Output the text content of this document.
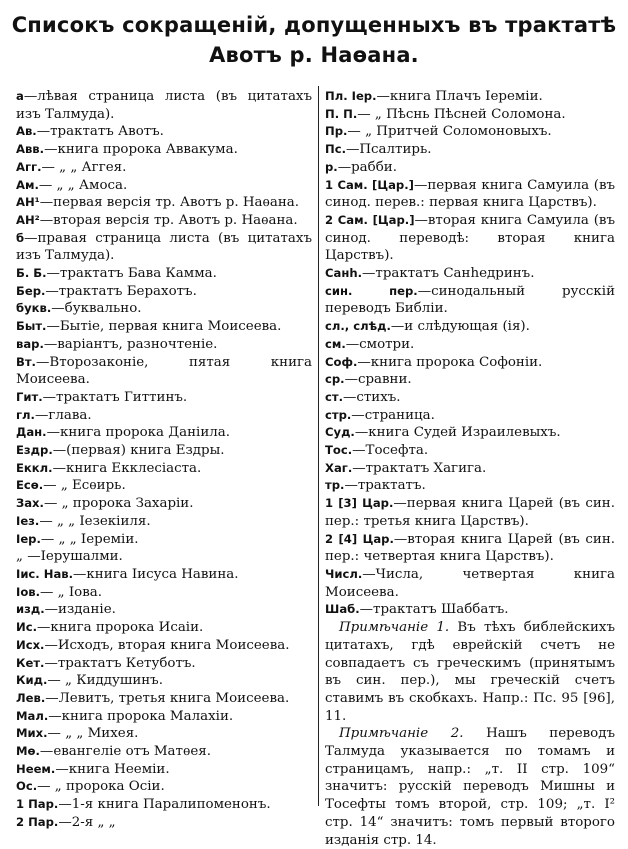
Списокъ сокращеній, допущенныхъ въ трактатѣ
Авотъ р. Наѳана.
а—лѣвая страница листа (въ цитатахъ изъ Талмуда).
Ав.—трактатъ Авотъ.
Авв.—книга пророка Аввакума.
Агг.— „ „ Аггея.
Ам.— „ „ Амоса.
АН¹—первая версія тр. Авотъ р. Наѳана.
АН²—вторая версія тр. Авотъ р. Наѳана.
б—правая страница листа (въ цитатахъ изъ Талмуда).
Б. Б.—трактатъ Бава Камма.
Бер.—трактатъ Берахотъ.
букв.—буквально.
Быт.—Бытіе, первая книга Моисеева.
вар.—варіантъ, разночтеніе.
Вт.—Второзаконіе, пятая книга Моисеева.
Гит.—трактатъ Гиттинъ.
гл.—глава.
Дан.—книга пророка Даніила.
Ездр.—(первая) книга Ездры.
Еккл.—книга Екклесіаста.
Есѳ.— „ Есѳирь.
Зах.— „ пророка Захаріи.
Iез.— „ „ Iезекіиля.
Iер.— „ „ Iереміи.
„ —Iерушалми.
Iис. Нав.—книга Iисуса Навина.
Iов.— „ Iова.
изд.—изданіе.
Ис.—книга пророка Исаіи.
Исх.—Исходъ, вторая книга Моисеева.
Кет.—трактатъ Кетуботъ.
Кид.— „ Киддушинъ.
Лев.—Левитъ, третья книга Моисеева.
Мал.—книга пророка Малахіи.
Мих.— „ „ Михея.
Мѳ.—евангеліе отъ Матѳея.
Неем.—книга Нееміи.
Ос.— „ пророка Осіи.
1 Пар.—1-я книга Паралипоменонъ.
2 Пар.—2-я „ „
Пл. Iер.—книга Плачъ Iереміи.
П. П.— „ Пѣснь Пѣсней Соломона.
Пр.— „ Притчей Соломоновыхъ.
Пс.—Псалтирь.
р.—рабби.
1 Сам. [Цар.]—первая книга Самуила (въ синод. перев.: первая книга Царствъ).
2 Сам. [Цар.]—вторая книга Самуила (въ синод. переводѣ: вторая книга Царствъ).
Санh.—трактатъ Санhедринъ.
син. пер.—синодальный русскій переводъ Библіи.
сл., слѣд.—и слѣдующая (ія).
см.—смотри.
Соф.—книга пророка Софоніи.
ср.—сравни.
ст.—стихъ.
стр.—страница.
Суд.—книга Судей Израилевыхъ.
Тос.—Тосефта.
Хаг.—трактатъ Хагига.
тр.—трактатъ.
1 [3] Цар.—первая книга Царей (въ син. пер.: третья книга Царствъ).
2 [4] Цар.—вторая книга Царей (въ син. пер.: четвертая книга Царствъ).
Числ.—Числа, четвертая книга Моисеева.
Шаб.—трактатъ Шаббатъ.
Примѣчаніе 1. Въ тѣхъ библейскихъ цитатахъ, гдѣ еврейскій счетъ не совпадаетъ съ греческимъ (принятымъ въ син. пер.), мы греческій счетъ ставимъ въ скобкахъ. Напр.: Пс. 95 [96], 11.
Примѣчаніе 2. Нашъ переводъ Талмуда указывается по томамъ и страницамъ, напр.: „т. II стр. 109“ значитъ: русскій переводъ Мишны и Тосефты томъ второй, стр. 109; „т. I² стр. 14“ значитъ: томъ первый второго изданія стр. 14.
